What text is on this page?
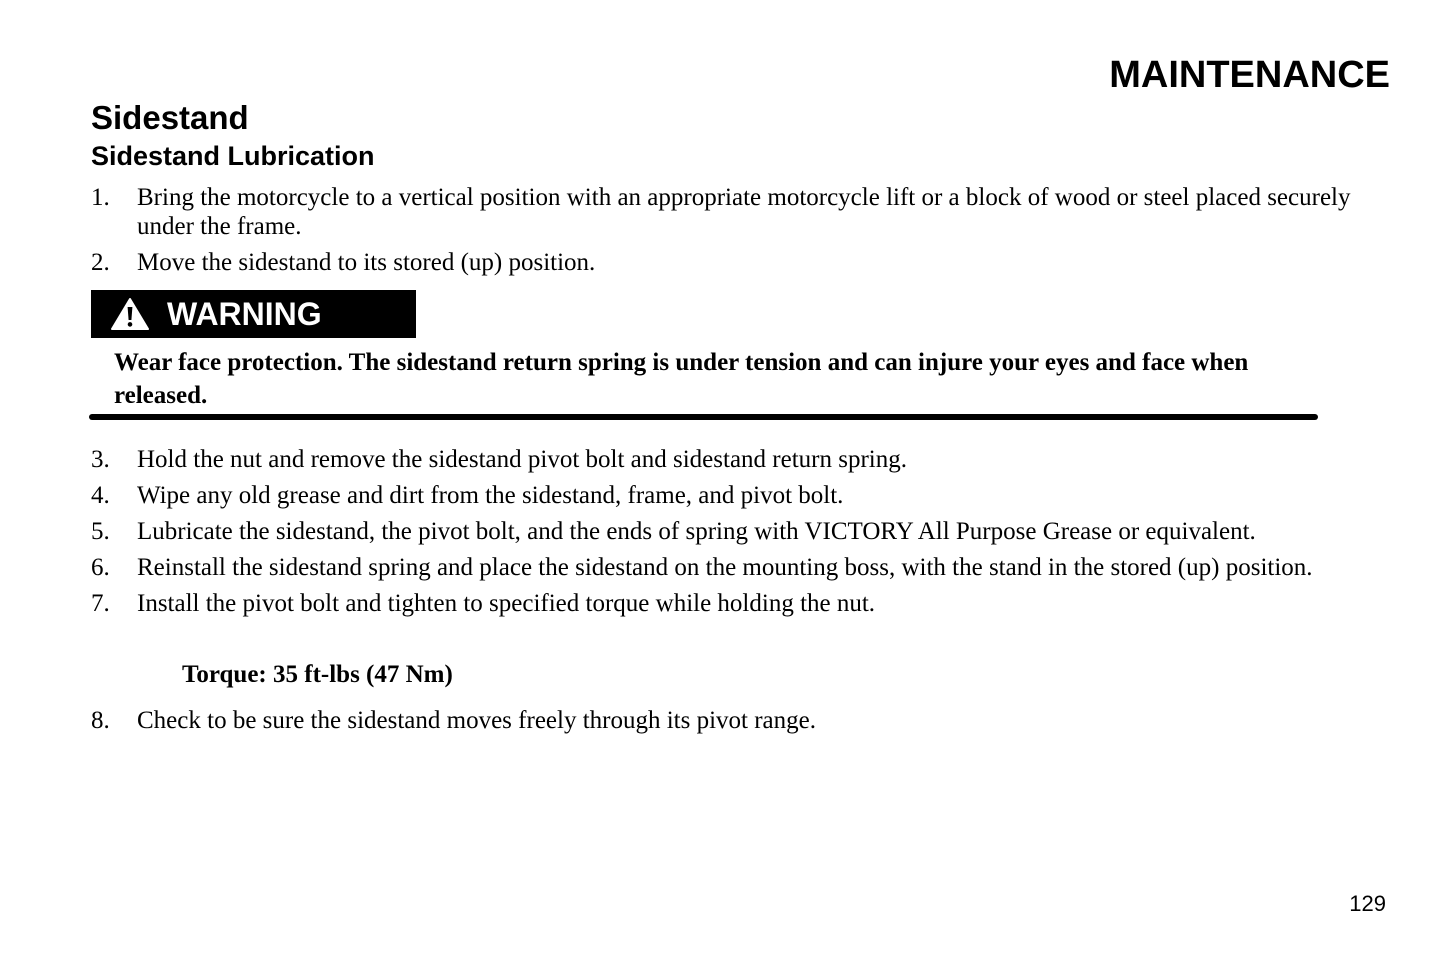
MAINTENANCE
Sidestand
Sidestand Lubrication
1.	Bring the motorcycle to a vertical position with an appropriate motorcycle lift or a block of wood or steel placed securely under the frame.
2.	Move the sidestand to its stored (up) position.
WARNING

Wear face protection. The sidestand return spring is under tension and can injure your eyes and face when released.

3.	Hold the nut and remove the sidestand pivot bolt and sidestand return spring.
4.	Wipe any old grease and dirt from the sidestand, frame, and pivot bolt.
5.	Lubricate the sidestand, the pivot bolt, and the ends of spring with VICTORY All Purpose Grease or equivalent.
6.	Reinstall the sidestand spring and place the sidestand on the mounting boss, with the stand in the stored (up) position.
7.	Install the pivot bolt and tighten to specified torque while holding the nut.

Torque: 35 ft-lbs (47 Nm)

8.	Check to be sure the sidestand moves freely through its pivot range.

129
